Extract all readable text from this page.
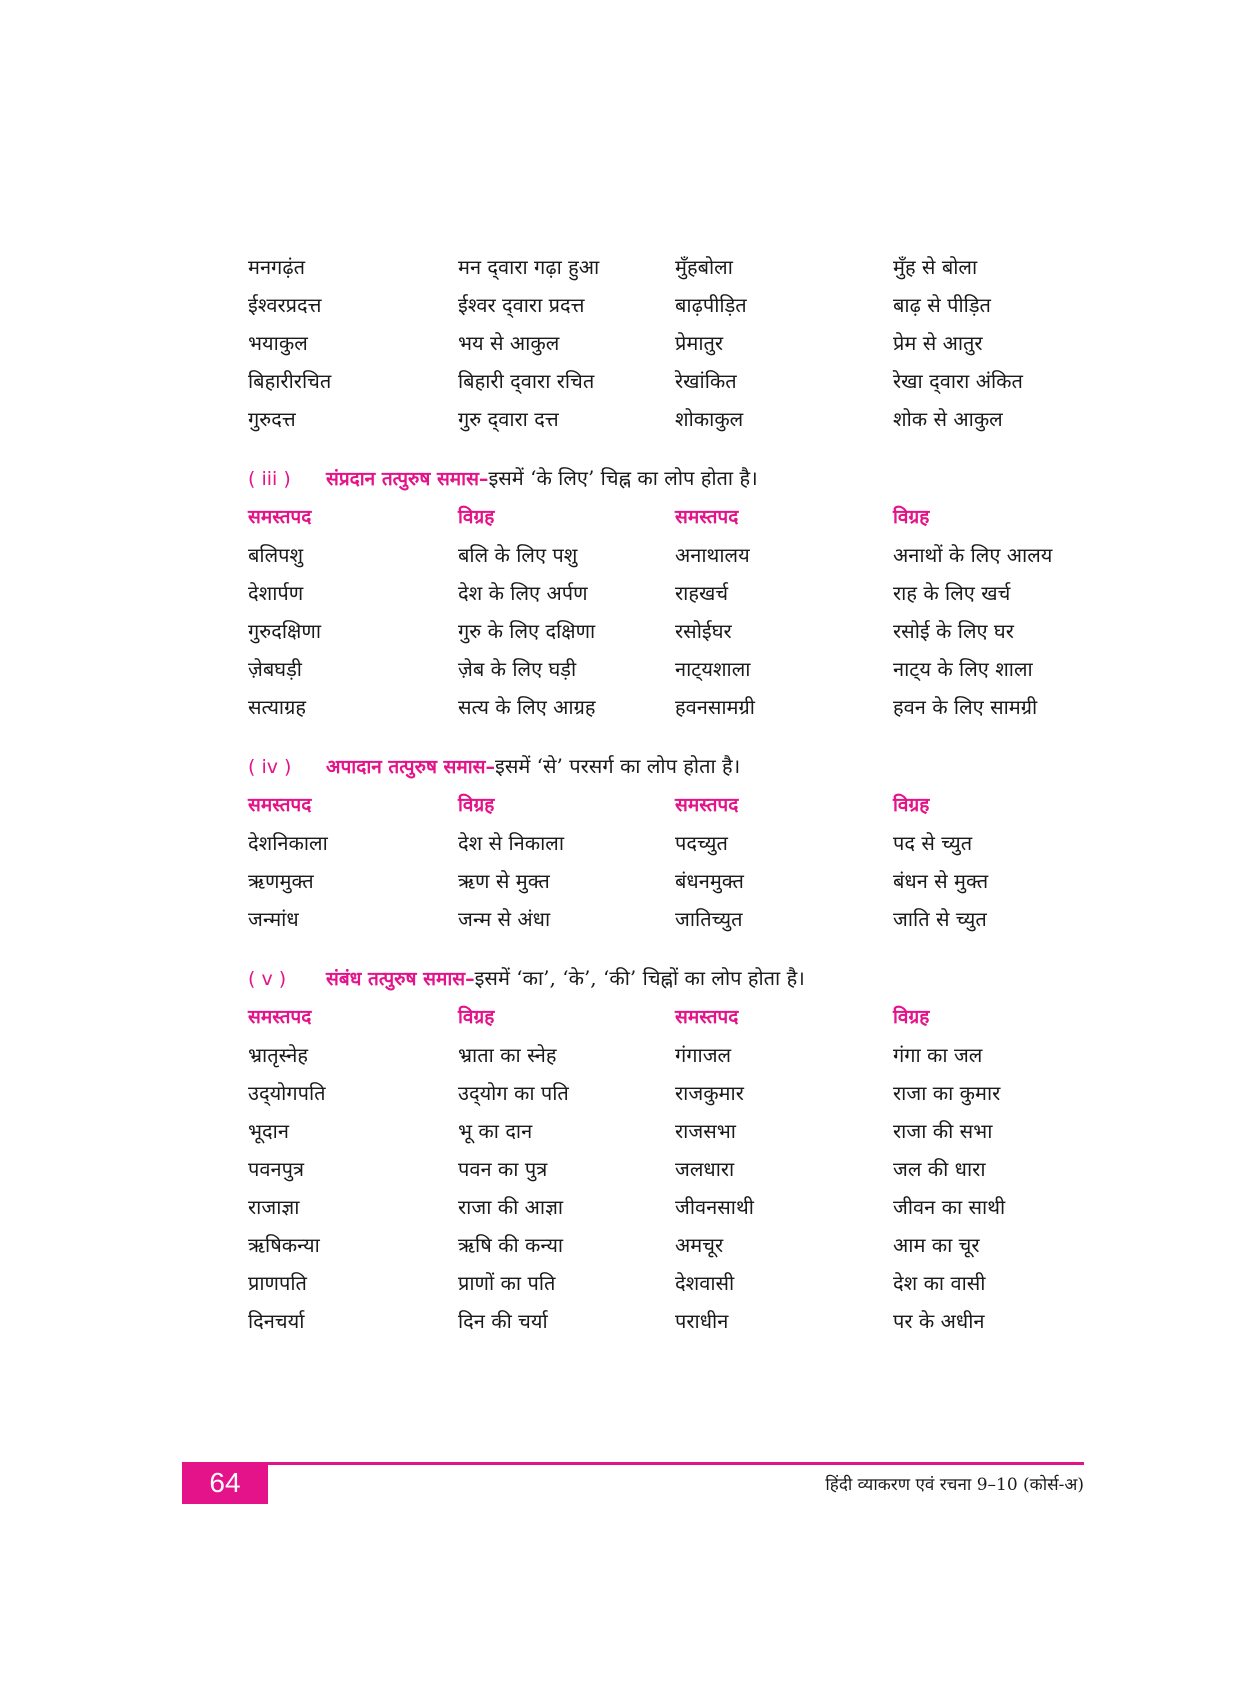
मनगढ़ंत	मन द्‌वारा गढ़ा हुआ	मुँहबोला	मुँह से बोला
ईश्वरप्रदत्त	ईश्वर द्‌वारा प्रदत्त	बाढ़पीड़ित	बाढ़ से पीड़ित
भयाकुल	भय से आकुल	प्रेमातुर	प्रेम से आतुर
बिहारीरचित	बिहारी द्‌वारा रचित	रेखांकित	रेखा द्‌वारा अंकित
गुरुदत्त	गुरु द्‌वारा दत्त	शोकाकुल	शोक से आकुल
( iii ) संप्रदान तत्पुरुष समास–इसमें ‘के लिए’ चिह्न का लोप होता है।
समस्तपद	विग्रह	समस्तपद	विग्रह
बलिपशु	बलि के लिए पशु	अनाथालय	अनाथों के लिए आलय
देशार्पण	देश के लिए अर्पण	राहखर्च	राह के लिए खर्च
गुरुदक्षिणा	गुरु के लिए दक्षिणा	रसोईघर	रसोई के लिए घर
ज़ेबघड़ी	ज़ेब के लिए घड़ी	नाट्‌यशाला	नाट्‌य के लिए शाला
सत्याग्रह	सत्य के लिए आग्रह	हवनसामग्री	हवन के लिए सामग्री
( iv ) अपादान तत्पुरुष समास–इसमें ‘से’ परसर्ग का लोप होता है।
समस्तपद	विग्रह	समस्तपद	विग्रह
देशनिकाला	देश से निकाला	पदच्युत	पद से च्युत
ऋणमुक्त	ऋण से मुक्त	बंधनमुक्त	बंधन से मुक्त
जन्मांध	जन्म से अंधा	जातिच्युत	जाति से च्युत
( v ) संबंध तत्पुरुष समास–इसमें ‘का’, ‘के’, ‘की’ चिह्नों का लोप होता है।
समस्तपद	विग्रह	समस्तपद	विग्रह
भ्रातृस्नेह	भ्राता का स्नेह	गंगाजल	गंगा का जल
उद्‌योगपति	उद्‌योग का पति	राजकुमार	राजा का कुमार
भूदान	भू का दान	राजसभा	राजा की सभा
पवनपुत्र	पवन का पुत्र	जलधारा	जल की धारा
राजाज्ञा	राजा की आज्ञा	जीवनसाथी	जीवन का साथी
ऋषिकन्या	ऋषि की कन्या	अमचूर	आम का चूर
प्राणपति	प्राणों का पति	देशवासी	देश का वासी
दिनचर्या	दिन की चर्या	पराधीन	पर के अधीन
64	हिंदी व्याकरण एवं रचना 9–10 (कोर्स-अ)
